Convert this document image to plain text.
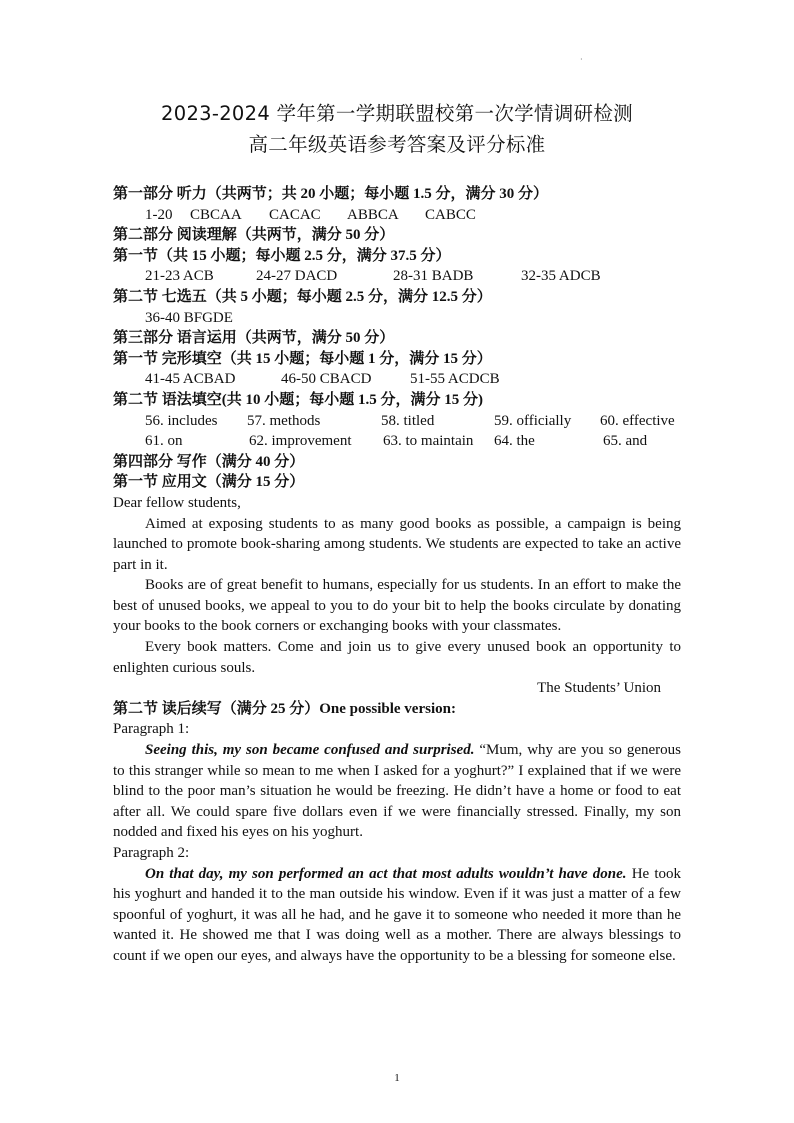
·
2023-2024 学年第一学期联盟校第一次学情调研检测
高二年级英语参考答案及评分标准
第一部分 听力（共两节；共 20 小题；每小题 1.5 分，满分 30 分）
1-20 CBCAA CACAC ABBCA CABCC
第二部分 阅读理解（共两节，满分 50 分）
第一节（共 15 小题；每小题 2.5 分，满分 37.5 分）
21-23 ACB	24-27 DACD	28-31 BADB	32-35 ADCB
第二节 七选五（共 5 小题；每小题 2.5 分，满分 12.5 分）
36-40 BFGDE
第三部分 语言运用（共两节，满分 50 分）
第一节 完形填空（共 15 小题；每小题 1 分，满分 15 分）
41-45 ACBAD	46-50 CBACD	51-55 ACDCB
第二节 语法填空(共 10 小题；每小题 1.5 分，满分 15 分)
56. includes 57. methods	58. titled	59. officially 60. effective
61. on	62. improvement 63. to maintain 64. the	65. and
第四部分 写作（满分 40 分）
第一节 应用文（满分 15 分）

Dear fellow students,

Aimed at exposing students to as many good books as possible, a campaign is being launched to promote book-sharing among students. We students are expected to take an active part in it.

Books are of great benefit to humans, especially for us students. In an effort to make the best of unused books, we appeal to you to do your bit to help the books circulate by donating your books to the book corners or exchanging books with your classmates.

Every book matters. Come and join us to give every unused book an opportunity to enlighten curious souls.

The Students’ Union

第二节 读后续写（满分 25 分）One possible version:

Paragraph 1:

Seeing this, my son became confused and surprised. “Mum, why are you so generous to this stranger while so mean to me when I asked for a yoghurt?” I explained that if we were blind to the poor man’s situation he would be freezing. He didn’t have a home or food to eat after all. We could spare five dollars even if we were financially stressed. Finally, my son nodded and fixed his eyes on his yoghurt.

Paragraph 2:

On that day, my son performed an act that most adults wouldn’t have done. He took his yoghurt and handed it to the man outside his window. Even if it was just a matter of a few spoonful of yoghurt, it was all he had, and he gave it to someone who needed it more than he wanted it. He showed me that I was doing well as a mother. There are always blessings to count if we open our eyes, and always have the opportunity to be a blessing for someone else.

1
